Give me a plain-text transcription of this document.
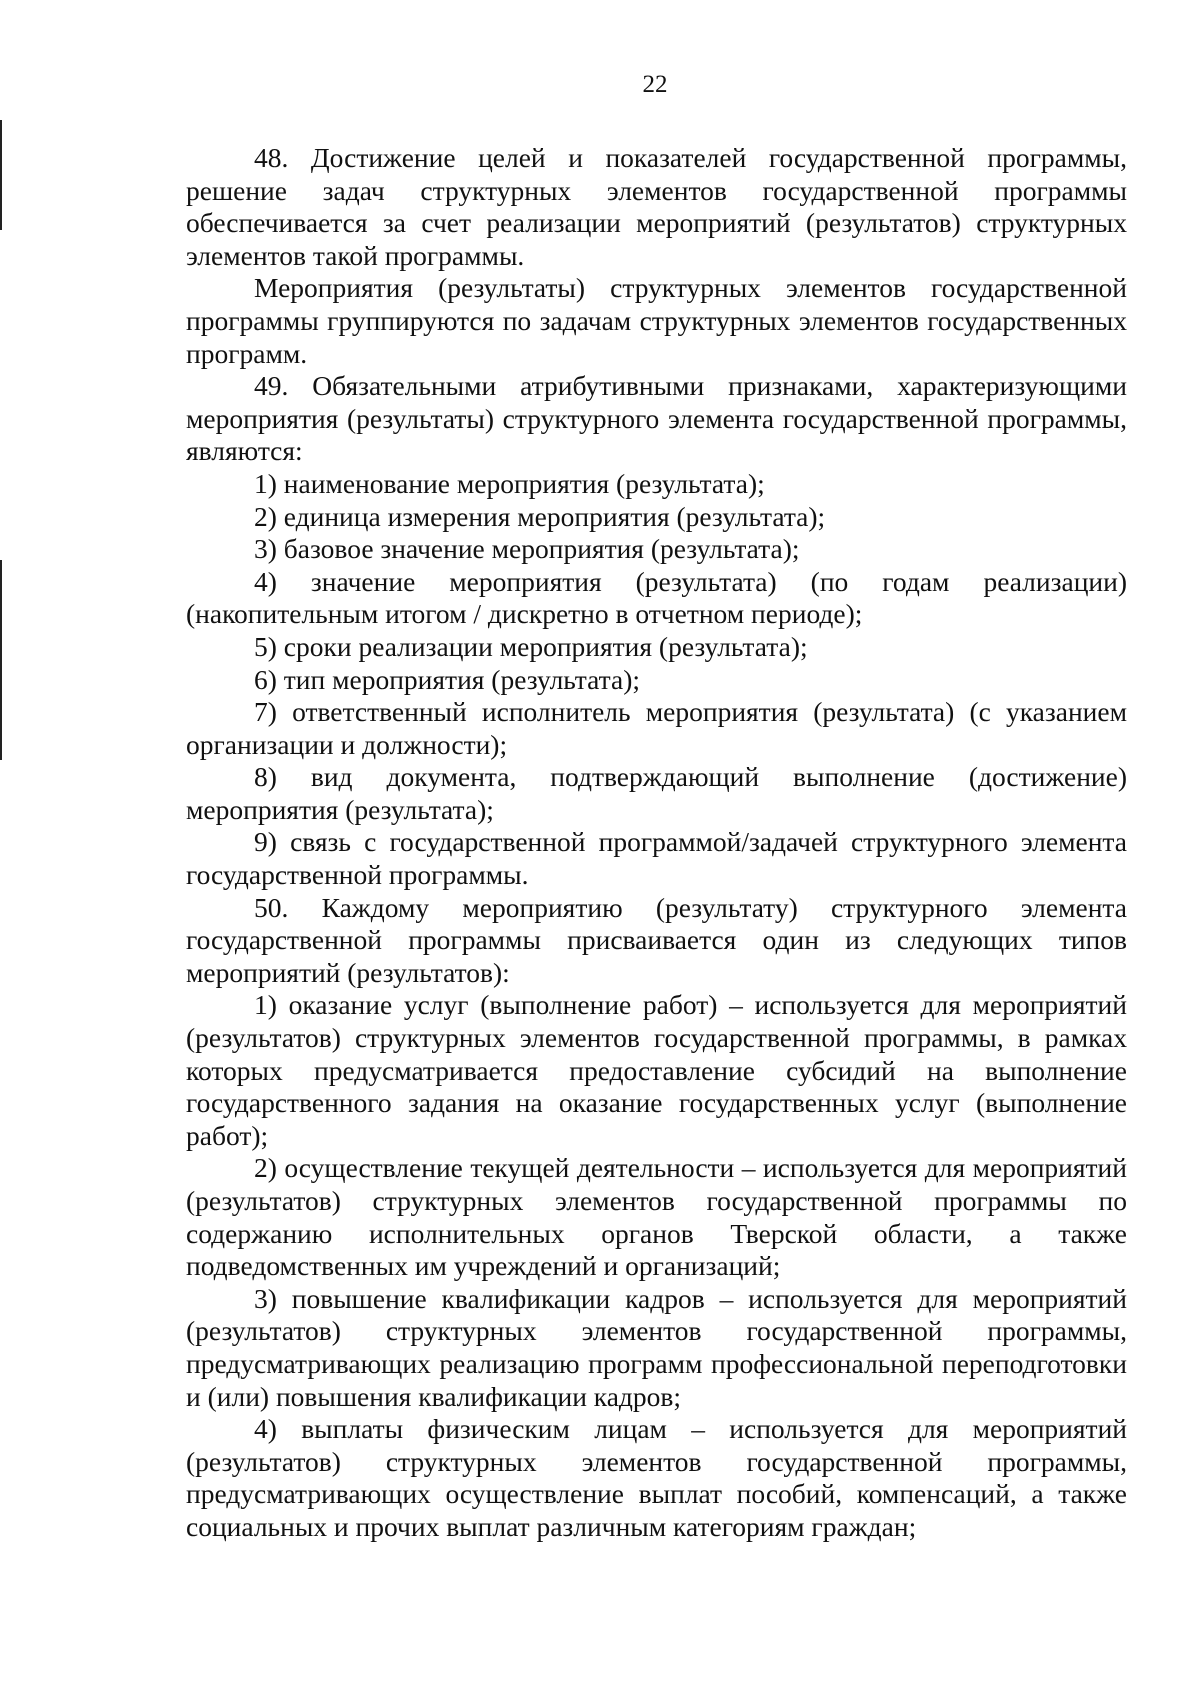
22

48. Достижение целей и показателей государственной программы, решение задач структурных элементов государственной программы обеспечивается за счет реализации мероприятий (результатов) структурных элементов такой программы.

Мероприятия (результаты) структурных элементов государственной программы группируются по задачам структурных элементов государственных программ.

49. Обязательными атрибутивными признаками, характеризующими мероприятия (результаты) структурного элемента государственной программы, являются:

1) наименование мероприятия (результата);

2) единица измерения мероприятия (результата);

3) базовое значение мероприятия (результата);

4) значение мероприятия (результата) (по годам реализации) (накопительным итогом / дискретно в отчетном периоде);

5) сроки реализации мероприятия (результата);

6) тип мероприятия (результата);

7) ответственный исполнитель мероприятия (результата) (с указанием организации и должности);

8) вид документа, подтверждающий выполнение (достижение) мероприятия (результата);

9) связь с государственной программой/задачей структурного элемента государственной программы.

50. Каждому мероприятию (результату) структурного элемента государственной программы присваивается один из следующих типов мероприятий (результатов):

1) оказание услуг (выполнение работ) – используется для мероприятий (результатов) структурных элементов государственной программы, в рамках которых предусматривается предоставление субсидий на выполнение государственного задания на оказание государственных услуг (выполнение работ);

2) осуществление текущей деятельности – используется для мероприятий (результатов) структурных элементов государственной программы по содержанию исполнительных органов Тверской области, а также подведомственных им учреждений и организаций;

3) повышение квалификации кадров – используется для мероприятий (результатов) структурных элементов государственной программы, предусматривающих реализацию программ профессиональной переподготовки и (или) повышения квалификации кадров;

4) выплаты физическим лицам – используется для мероприятий (результатов) структурных элементов государственной программы, предусматривающих осуществление выплат пособий, компенсаций, а также социальных и прочих выплат различным категориям граждан;
